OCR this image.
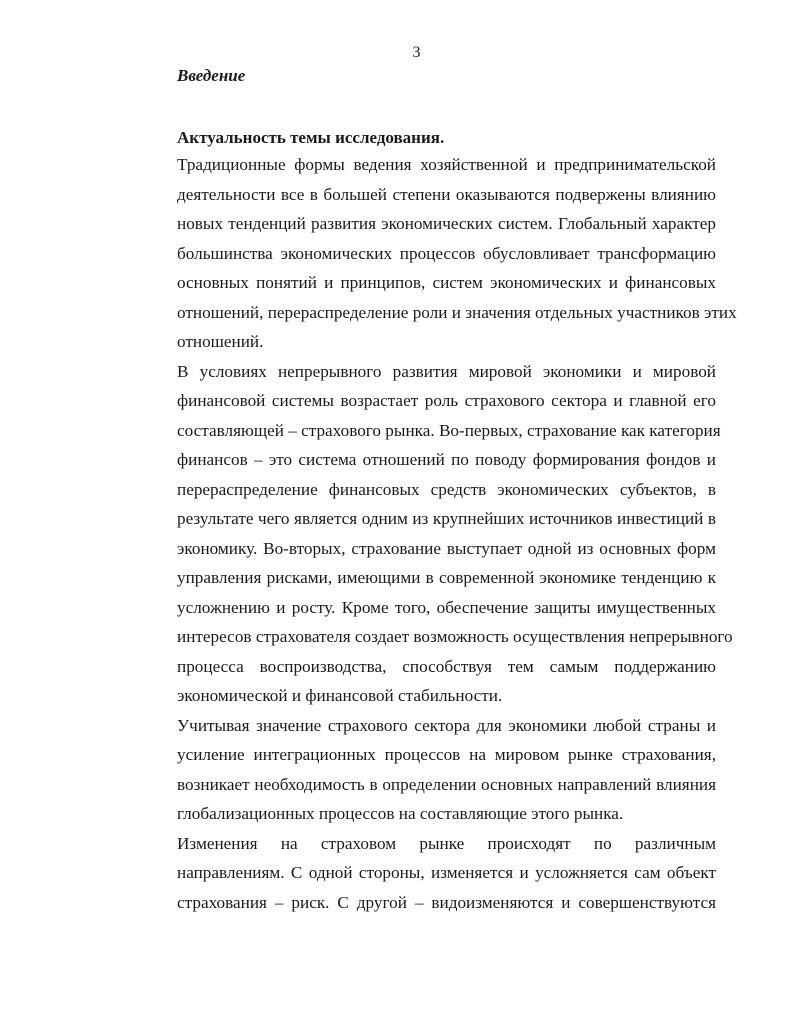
3
Введение
Актуальность темы исследования.

Традиционные формы ведения хозяйственной и предпринимательской
деятельности все в большей степени оказываются подвержены влиянию
новых тенденций развития экономических систем. Глобальный характер
большинства экономических процессов обусловливает трансформацию
основных понятий и принципов, систем экономических и финансовых
отношений, перераспределение роли и значения отдельных участников этих
отношений.

В условиях непрерывного развития мировой экономики и мировой
финансовой системы возрастает роль страхового сектора и главной его
составляющей – страхового рынка. Во-первых, страхование как категория
финансов – это система отношений по поводу формирования фондов и
перераспределение финансовых средств экономических субъектов, в
результате чего является одним из крупнейших источников инвестиций в
экономику. Во-вторых, страхование выступает одной из основных форм
управления рисками, имеющими в современной экономике тенденцию к
усложнению и росту. Кроме того, обеспечение защиты имущественных
интересов страхователя создает возможность осуществления непрерывного
процесса воспроизводства, способствуя тем самым поддержанию
экономической и финансовой стабильности.

Учитывая значение страхового сектора для экономики любой страны и
усиление интеграционных процессов на мировом рынке страхования,
возникает необходимость в определении основных направлений влияния
глобализационных процессов на составляющие этого рынка.

Изменения на страховом рынке происходят по различным
направлениям. С одной стороны, изменяется и усложняется сам объект
страхования – риск. С другой – видоизменяются и совершенствуются
